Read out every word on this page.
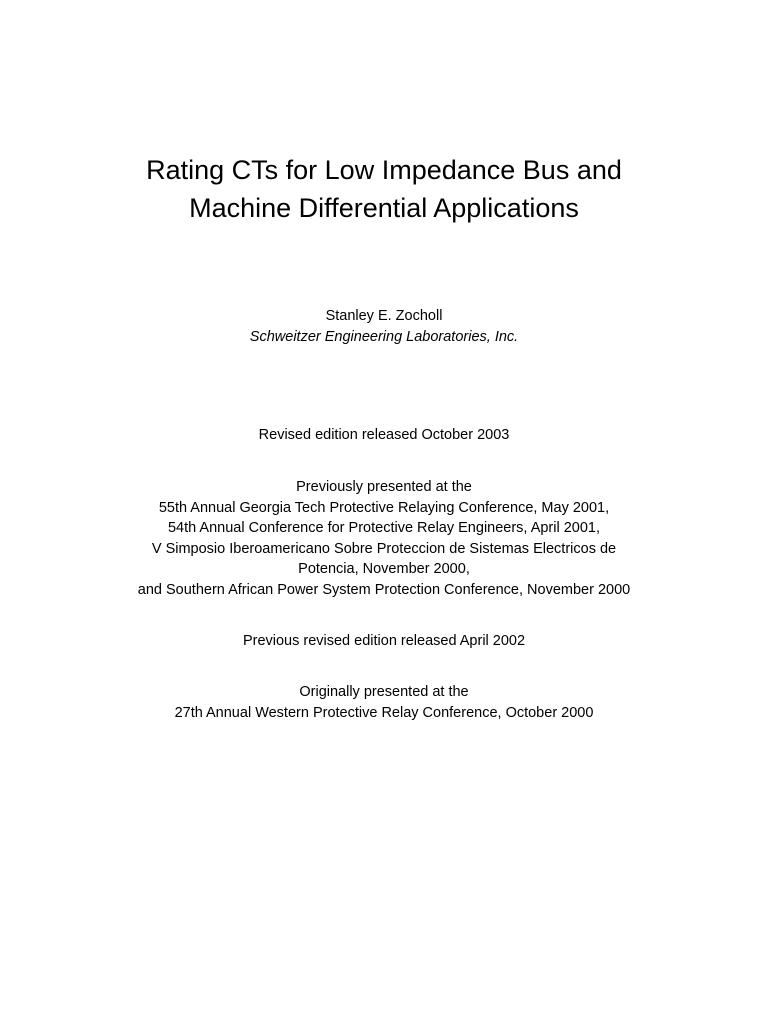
Rating CTs for Low Impedance Bus and
Machine Differential Applications
Stanley E. Zocholl
Schweitzer Engineering Laboratories, Inc.
Revised edition released October 2003
Previously presented at the
55th Annual Georgia Tech Protective Relaying Conference, May 2001,
54th Annual Conference for Protective Relay Engineers, April 2001,
V Simposio Iberoamericano Sobre Proteccion de Sistemas Electricos de
Potencia, November 2000,
and Southern African Power System Protection Conference, November 2000
Previous revised edition released April 2002
Originally presented at the
27th Annual Western Protective Relay Conference, October 2000
